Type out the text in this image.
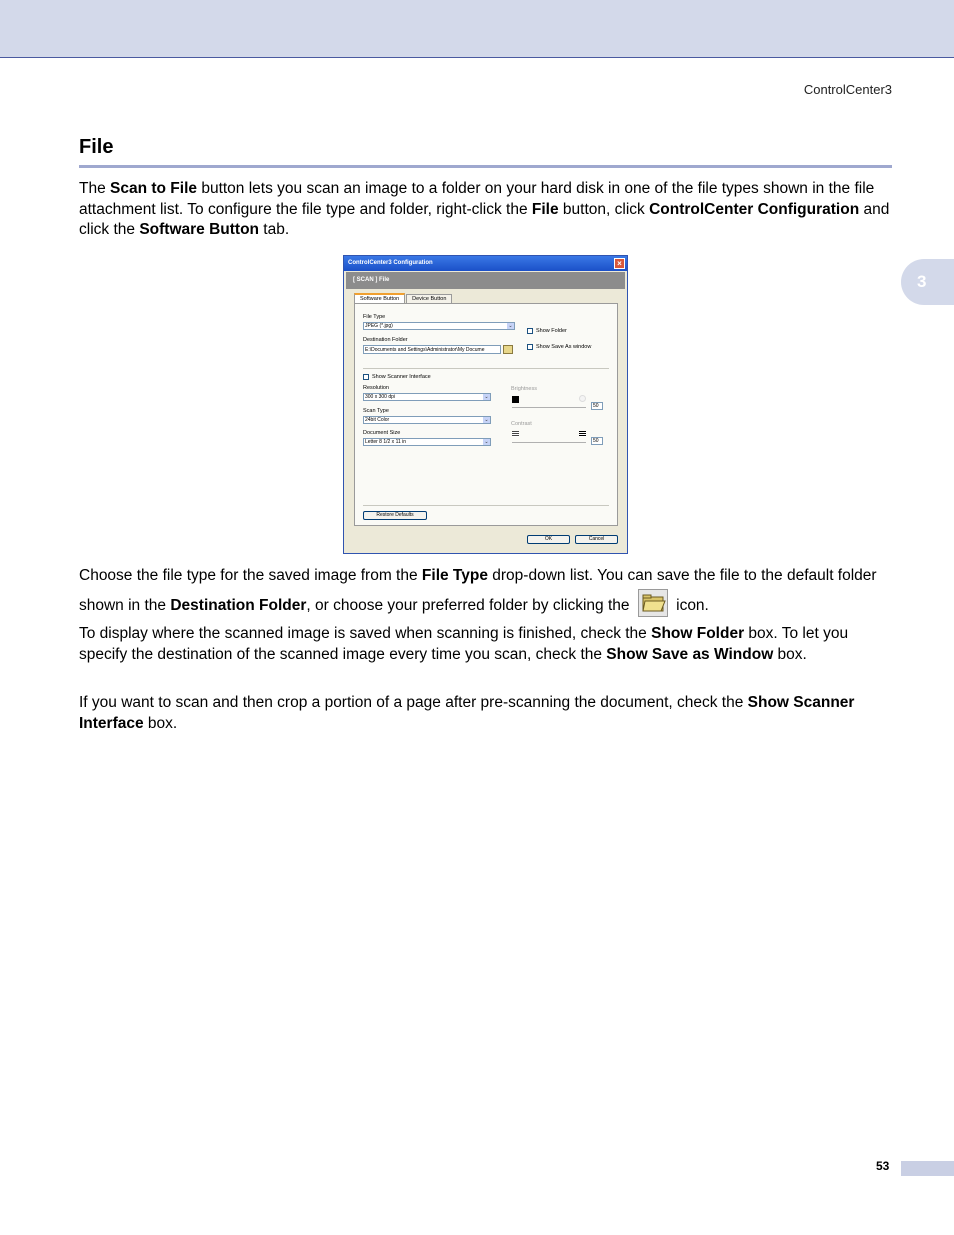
ControlCenter3
3
File
The Scan to File button lets you scan an image to a folder on your hard disk in one of the file types shown in the file attachment list. To configure the file type and folder, right-click the File button, click ControlCenter Configuration and click the Software Button tab.
ControlCenter3 Configuration	×
[ SCAN ] File
Software Button Device Button
File Type
JPEG (*.jpg)	⌄
Show Folder
Show Save As window
Destination Folder
E:\Documents and Settings\Administrator\My Docume
Show Scanner Interface
Resolution
300 x 300 dpi	⌄
Scan Type
24bit Color	⌄
Document Size
Letter 8 1/2 x 11 in	⌄
Brightness
50
Contrast
50
Restore Defaults
OK	Cancel
Choose the file type for the saved image from the File Type drop-down list. You can save the file to the default folder shown in the Destination Folder, or choose your preferred folder by clicking the  icon.
To display where the scanned image is saved when scanning is finished, check the Show Folder box. To let you specify the destination of the scanned image every time you scan, check the Show Save as Window box.
If you want to scan and then crop a portion of a page after pre-scanning the document, check the Show Scanner Interface box.
53
